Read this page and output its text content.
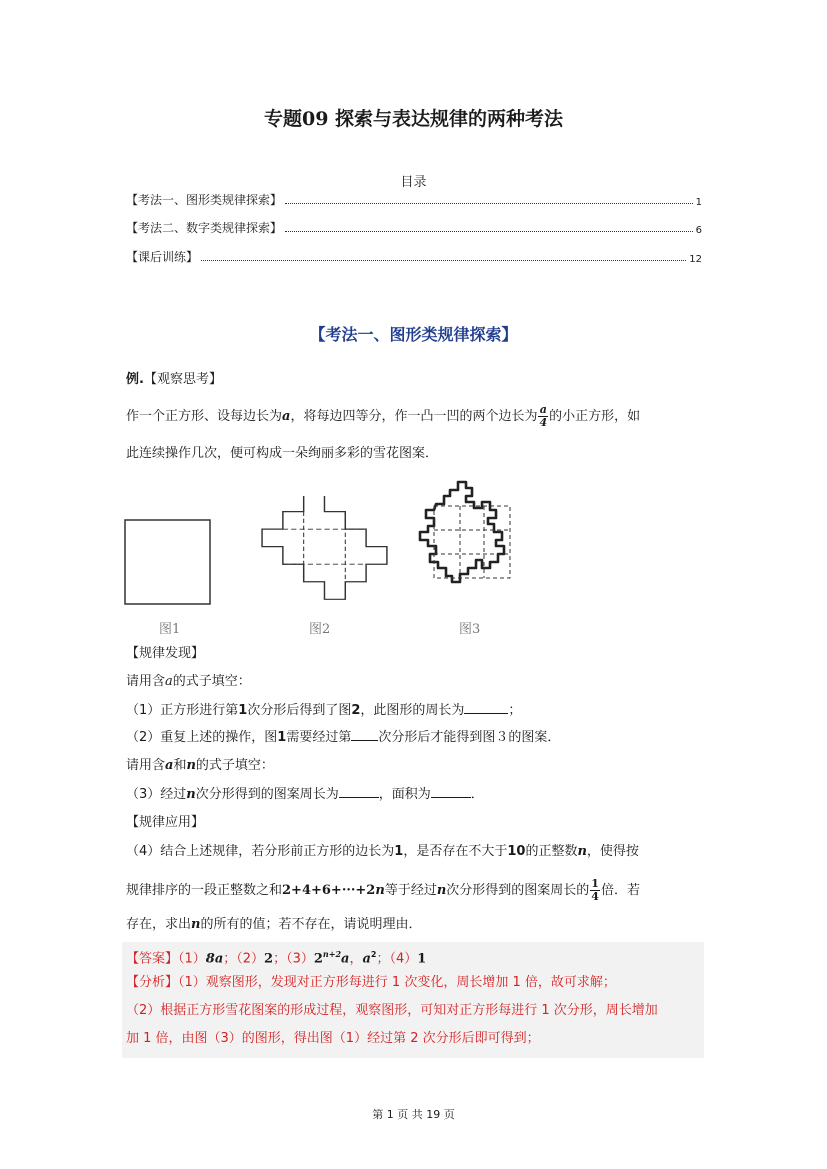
专题09 探索与表达规律的两种考法
目录
【考法一、图形类规律探索】	1
【考法二、数字类规律探索】	6
【课后训练】	12
【考法一、图形类规律探索】
例.【观察思考】
作一个正方形、设每边长为a，将每边四等分，作一凸一凹的两个边长为 $\frac{a}{4}$ 的小正方形，如
此连续操作几次，便可构成一朵绚丽多彩的雪花图案．
图1	图2	图3
【规律发现】
请用含a的式子填空：
（1）正方形进行第1次分形后得到了图2，此图形的周长为	；
（2）重复上述的操作，图1需要经过第 次分形后才能得到图３的图案．
请用含a和n的式子填空：
（3）经过n次分形得到的图案周长为	，面积为	．
【规律应用】
（4）结合上述规律，若分形前正方形的边长为1，是否存在不大于10的正整数n，使得按
规律排序的一段正整数之和2+4+6+···+2n等于经过n次分形得到的图案周长的 $\frac{1}{4}$ 倍．若
存在，求出n的所有的值；若不存在，请说明理由．
【答案】（1）8a；（2）2；$(3)2^{n+2}a$，$a^2$；（4）1
【分析】（1）观察图形，发现对正方形每进行 1 次变化，周长增加 1 倍，故可求解；
（2）根据正方形雪花图案的形成过程，观察图形，可知对正方形每进行 1 次分形，周长增加
加 1 倍，由图（3）的图形，得出图（1）经过第 2 次分形后即可得到；
第 1 页 共 19 页
